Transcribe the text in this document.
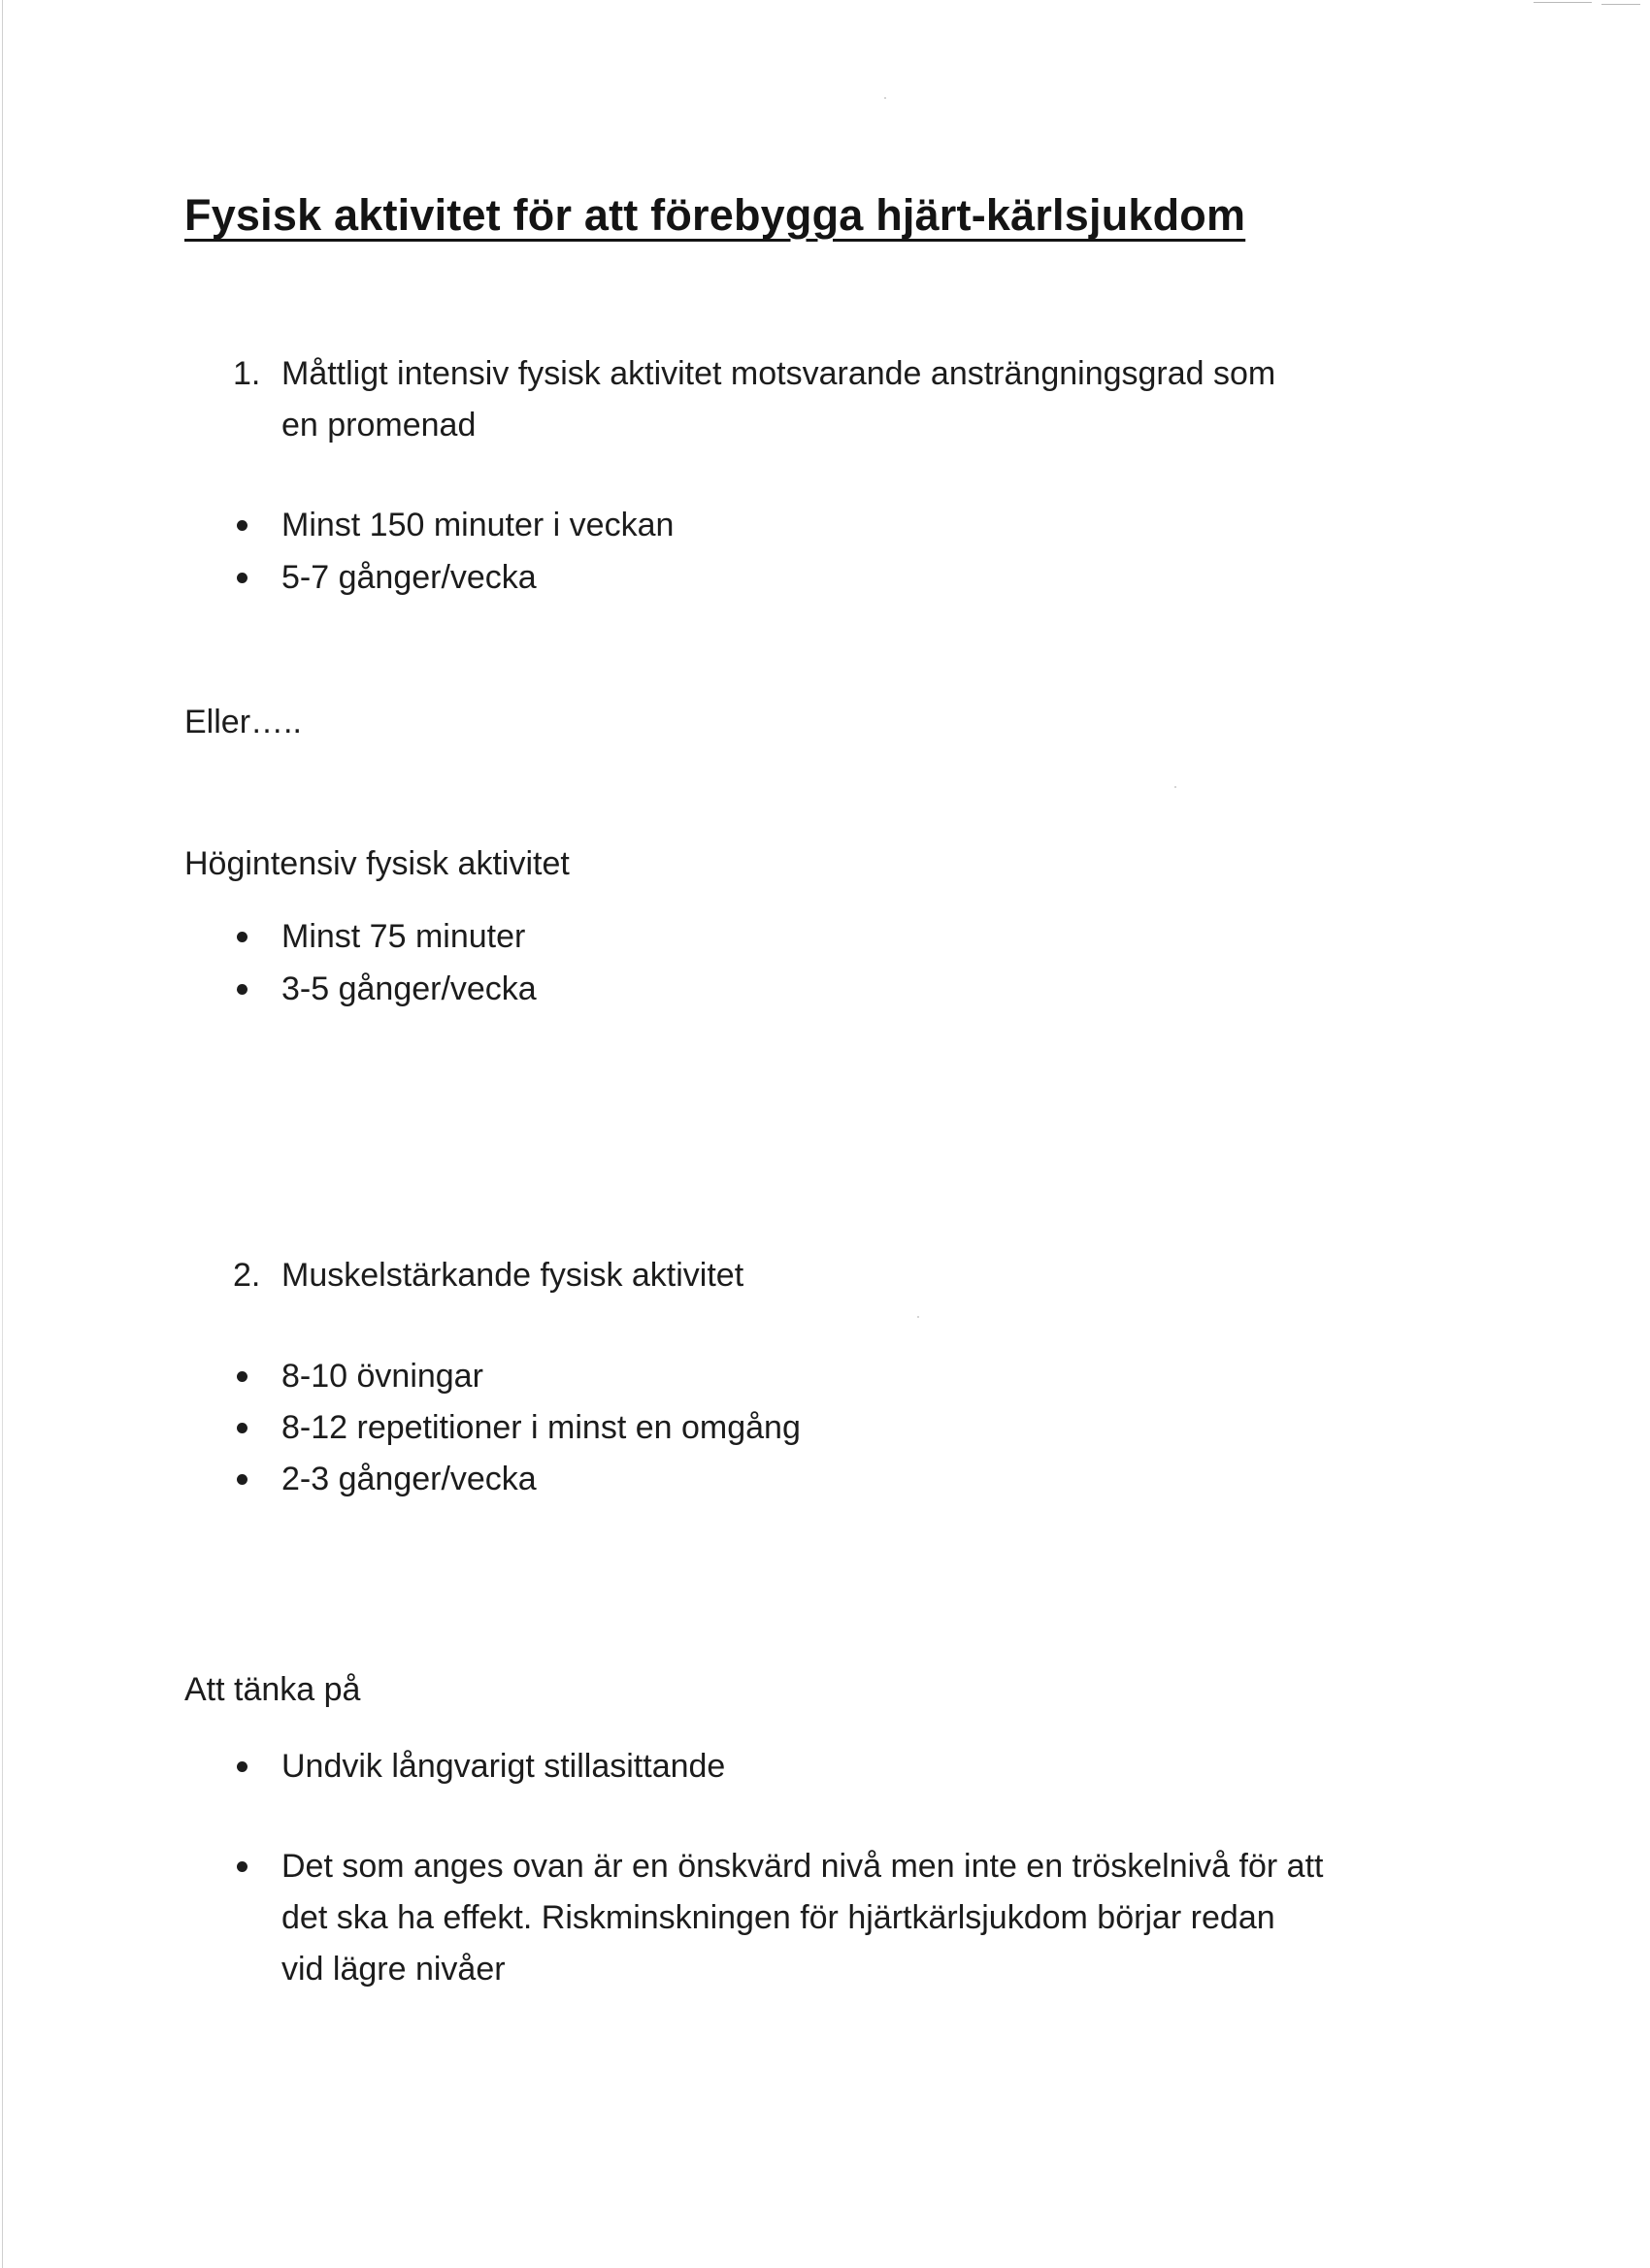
Fysisk aktivitet för att förebygga hjärt-kärlsjukdom
1. Måttligt intensiv fysisk aktivitet motsvarande ansträngningsgrad som
en promenad
Minst 150 minuter i veckan
5-7 gånger/vecka
Eller…..
Högintensiv fysisk aktivitet
Minst 75 minuter
3-5 gånger/vecka
2. Muskelstärkande fysisk aktivitet
8-10 övningar
8-12 repetitioner i minst en omgång
2-3 gånger/vecka
Att tänka på
Undvik långvarigt stillasittande
Det som anges ovan är en önskvärd nivå men inte en tröskelnivå för att
det ska ha effekt. Riskminskningen för hjärtkärlsjukdom börjar redan
vid lägre nivåer
